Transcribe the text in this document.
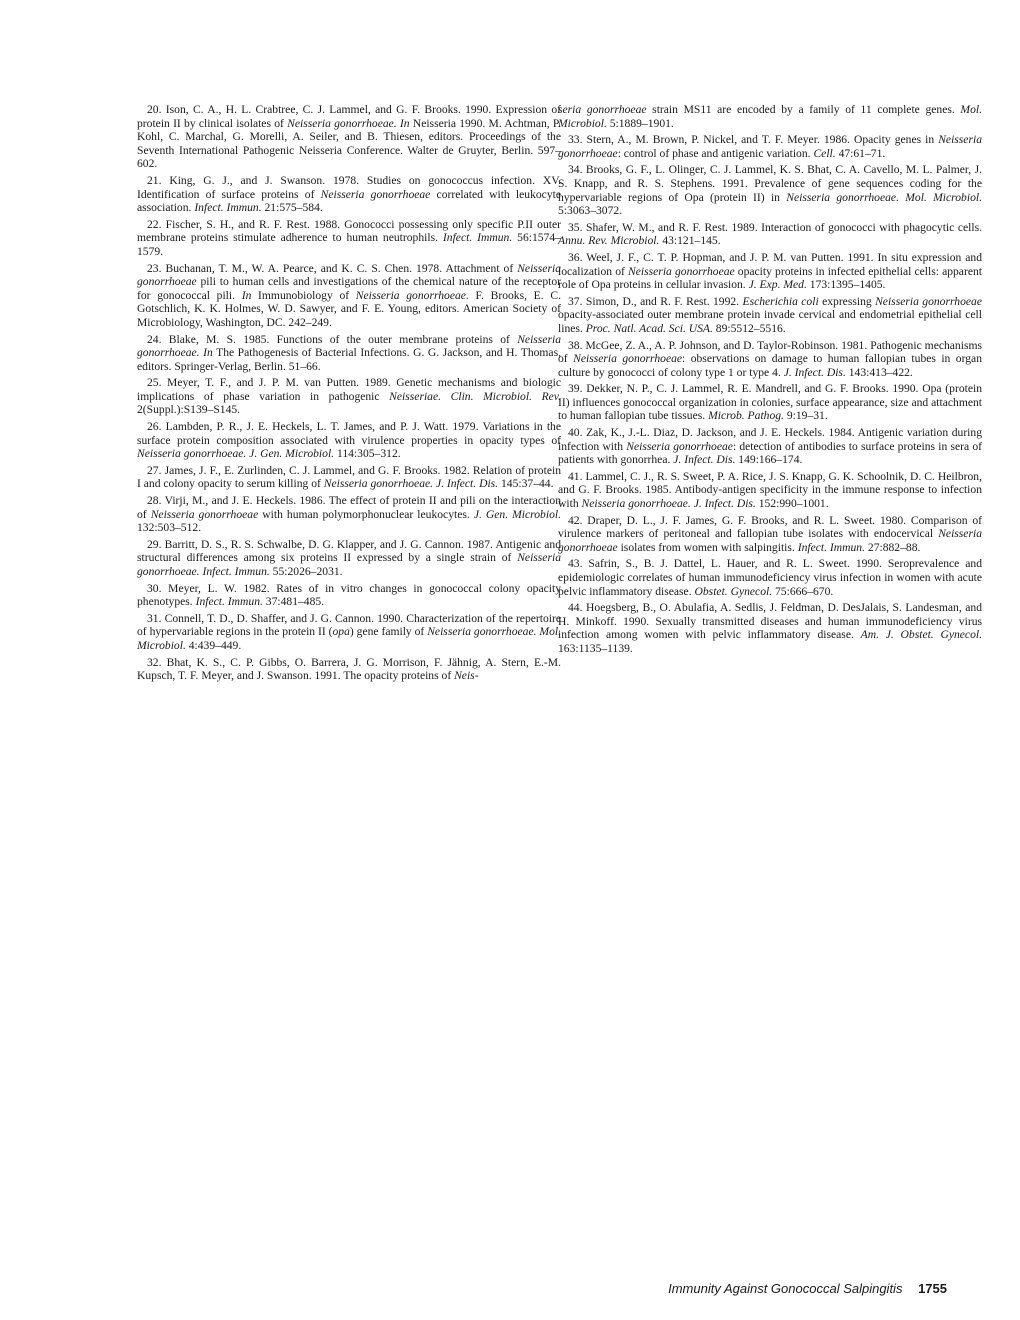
20. Ison, C. A., H. L. Crabtree, C. J. Lammel, and G. F. Brooks. 1990. Expression of protein II by clinical isolates of Neisseria gonorrhoeae. In Neisseria 1990. M. Achtman, P. Kohl, C. Marchal, G. Morelli, A. Seiler, and B. Thiesen, editors. Proceedings of the Seventh International Pathogenic Neisseria Conference. Walter de Gruyter, Berlin. 597–602.

21. King, G. J., and J. Swanson. 1978. Studies on gonococcus infection. XV. Identification of surface proteins of Neisseria gonorrhoeae correlated with leukocyte association. Infect. Immun. 21:575–584.

22. Fischer, S. H., and R. F. Rest. 1988. Gonococci possessing only specific P.II outer membrane proteins stimulate adherence to human neutrophils. Infect. Immun. 56:1574–1579.

23. Buchanan, T. M., W. A. Pearce, and K. C. S. Chen. 1978. Attachment of Neisseria gonorrhoeae pili to human cells and investigations of the chemical nature of the receptor for gonococcal pili. In Immunobiology of Neisseria gonorrhoeae. F. Brooks, E. C. Gotschlich, K. K. Holmes, W. D. Sawyer, and F. E. Young, editors. American Society of Microbiology, Washington, DC. 242–249.

24. Blake, M. S. 1985. Functions of the outer membrane proteins of Neisseria gonorrhoeae. In The Pathogenesis of Bacterial Infections. G. G. Jackson, and H. Thomas, editors. Springer-Verlag, Berlin. 51–66.

25. Meyer, T. F., and J. P. M. van Putten. 1989. Genetic mechanisms and biologic implications of phase variation in pathogenic Neisseriae. Clin. Microbiol. Rev. 2(Suppl.):S139–S145.

26. Lambden, P. R., J. E. Heckels, L. T. James, and P. J. Watt. 1979. Variations in the surface protein composition associated with virulence properties in opacity types of Neisseria gonorrhoeae. J. Gen. Microbiol. 114:305–312.

27. James, J. F., E. Zurlinden, C. J. Lammel, and G. F. Brooks. 1982. Relation of protein I and colony opacity to serum killing of Neisseria gonorrhoeae. J. Infect. Dis. 145:37–44.

28. Virji, M., and J. E. Heckels. 1986. The effect of protein II and pili on the interaction of Neisseria gonorrhoeae with human polymorphonuclear leukocytes. J. Gen. Microbiol. 132:503–512.

29. Barritt, D. S., R. S. Schwalbe, D. G. Klapper, and J. G. Cannon. 1987. Antigenic and structural differences among six proteins II expressed by a single strain of Neisseria gonorrhoeae. Infect. Immun. 55:2026–2031.

30. Meyer, L. W. 1982. Rates of in vitro changes in gonococcal colony opacity phenotypes. Infect. Immun. 37:481–485.

31. Connell, T. D., D. Shaffer, and J. G. Cannon. 1990. Characterization of the repertoire of hypervariable regions in the protein II (opa) gene family of Neisseria gonorrhoeae. Mol. Microbiol. 4:439–449.

32. Bhat, K. S., C. P. Gibbs, O. Barrera, J. G. Morrison, F. Jähnig, A. Stern, E.-M. Kupsch, T. F. Meyer, and J. Swanson. 1991. The opacity proteins of Neis-

seria gonorrhoeae strain MS11 are encoded by a family of 11 complete genes. Mol. Microbiol. 5:1889–1901.

33. Stern, A., M. Brown, P. Nickel, and T. F. Meyer. 1986. Opacity genes in Neisseria gonorrhoeae: control of phase and antigenic variation. Cell. 47:61–71.

34. Brooks, G. F., L. Olinger, C. J. Lammel, K. S. Bhat, C. A. Cavello, M. L. Palmer, J. S. Knapp, and R. S. Stephens. 1991. Prevalence of gene sequences coding for the hypervariable regions of Opa (protein II) in Neisseria gonorrhoeae. Mol. Microbiol. 5:3063–3072.

35. Shafer, W. M., and R. F. Rest. 1989. Interaction of gonococci with phagocytic cells. Annu. Rev. Microbiol. 43:121–145.

36. Weel, J. F., C. T. P. Hopman, and J. P. M. van Putten. 1991. In situ expression and localization of Neisseria gonorrhoeae opacity proteins in infected epithelial cells: apparent role of Opa proteins in cellular invasion. J. Exp. Med. 173:1395–1405.

37. Simon, D., and R. F. Rest. 1992. Escherichia coli expressing Neisseria gonorrhoeae opacity-associated outer membrane protein invade cervical and endometrial epithelial cell lines. Proc. Natl. Acad. Sci. USA. 89:5512–5516.

38. McGee, Z. A., A. P. Johnson, and D. Taylor-Robinson. 1981. Pathogenic mechanisms of Neisseria gonorrhoeae: observations on damage to human fallopian tubes in organ culture by gonococci of colony type 1 or type 4. J. Infect. Dis. 143:413–422.

39. Dekker, N. P., C. J. Lammel, R. E. Mandrell, and G. F. Brooks. 1990. Opa (protein II) influences gonococcal organization in colonies, surface appearance, size and attachment to human fallopian tube tissues. Microb. Pathog. 9:19–31.

40. Zak, K., J.-L. Diaz, D. Jackson, and J. E. Heckels. 1984. Antigenic variation during infection with Neisseria gonorrhoeae: detection of antibodies to surface proteins in sera of patients with gonorrhea. J. Infect. Dis. 149:166–174.

41. Lammel, C. J., R. S. Sweet, P. A. Rice, J. S. Knapp, G. K. Schoolnik, D. C. Heilbron, and G. F. Brooks. 1985. Antibody-antigen specificity in the immune response to infection with Neisseria gonorrhoeae. J. Infect. Dis. 152:990–1001.

42. Draper, D. L., J. F. James, G. F. Brooks, and R. L. Sweet. 1980. Comparison of virulence markers of peritoneal and fallopian tube isolates with endocervical Neisseria gonorrhoeae isolates from women with salpingitis. Infect. Immun. 27:882–88.

43. Safrin, S., B. J. Dattel, L. Hauer, and R. L. Sweet. 1990. Seroprevalence and epidemiologic correlates of human immunodeficiency virus infection in women with acute pelvic inflammatory disease. Obstet. Gynecol. 75:666–670.

44. Hoegsberg, B., O. Abulafia, A. Sedlis, J. Feldman, D. DesJalais, S. Landesman, and H. Minkoff. 1990. Sexually transmitted diseases and human immunodeficiency virus infection among women with pelvic inflammatory disease. Am. J. Obstet. Gynecol. 163:1135–1139.

Immunity Against Gonococcal Salpingitis 1755
